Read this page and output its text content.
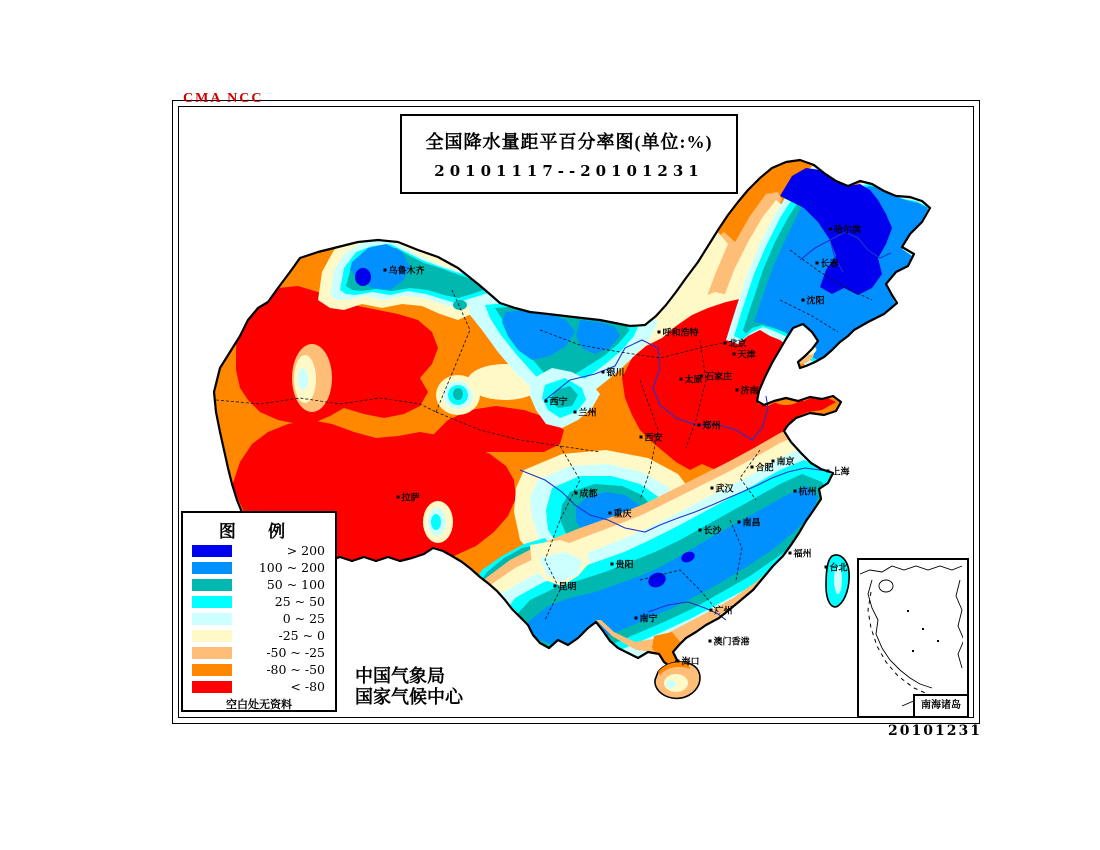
CMA NCC
全国降水量距平百分率图(单位:%)
20101117--20101231
图 例
> 200
100 ~ 200
50 ~ 100
25 ~ 50
0 ~ 25
-25 ~ 0
-50 ~ -25
-80 ~ -50
< -80
空白处无资料
中国气象局
国家气候中心	南海诸岛
20101231
哈尔滨
长春
沈阳
乌鲁木齐
呼和浩特
北京
天津
石家庄
太原
济南
郑州
西安
银川
西宁
兰州
拉萨	成都
重庆
武汉
南京
合肥	上海
杭州
南昌
长沙
贵阳
昆明
南宁
广州
福州
台北
澳门香港
海口
